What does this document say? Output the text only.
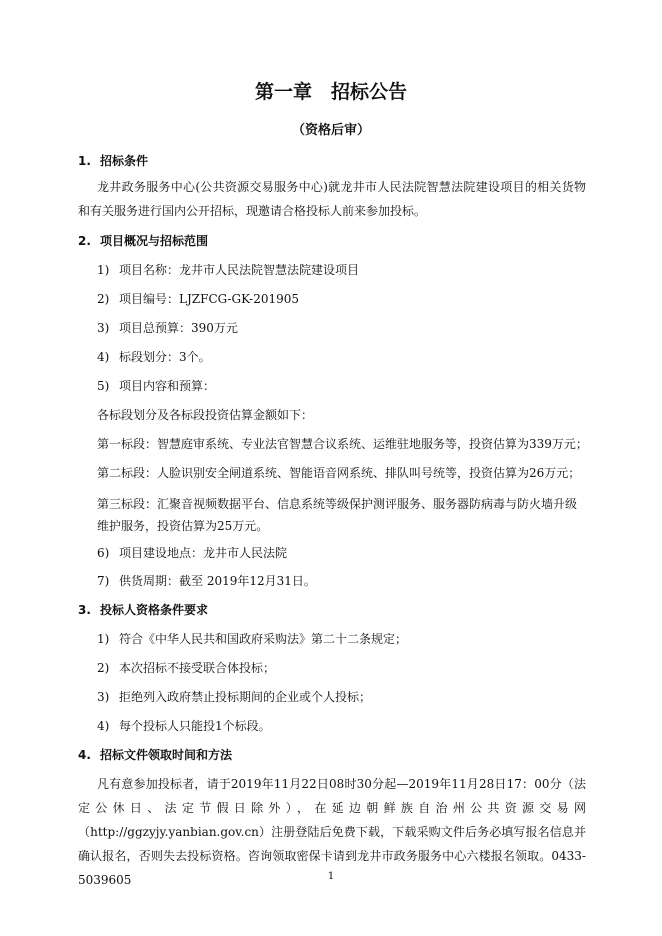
第一章　招标公告
（资格后审）
1. 招标条件
龙井政务服务中心(公共资源交易服务中心)就龙井市人民法院智慧法院建设项目的相关货物和有关服务进行国内公开招标，现邀请合格投标人前来参加投标。
2. 项目概况与招标范围
1) 项目名称：龙井市人民法院智慧法院建设项目
2) 项目编号：LJZFCG-GK-201905
3) 项目总预算：390万元
4) 标段划分：3个。
5) 项目内容和预算：
各标段划分及各标段投资估算金额如下：
第一标段：智慧庭审系统、专业法官智慧合议系统、运维驻地服务等，投资估算为339万元；
第二标段：人脸识别安全闸道系统、智能语音网系统、排队叫号统等，投资估算为26万元；
第三标段：汇聚音视频数据平台、信息系统等级保护测评服务、服务器防病毒与防火墙升级维护服务，投资估算为25万元。
6) 项目建设地点：龙井市人民法院
7) 供货周期：截至 2019年12月31日。
3. 投标人资格条件要求
1) 符合《中华人民共和国政府采购法》第二十二条规定；
2) 本次招标不接受联合体投标；
3) 拒绝列入政府禁止投标期间的企业或个人投标；
4) 每个投标人只能投1个标段。
4. 招标文件领取时间和方法
凡有意参加投标者，请于2019年11月22日08时30分起—2019年11月28日17：00分（法定公休日、法定节假日除外），在延边朝鲜族自治州公共资源交易网（http://ggzyjy.yanbian.gov.cn）注册登陆后免费下载，下载采购文件后务必填写报名信息并确认报名，否则失去投标资格。咨询领取密保卡请到龙井市政务服务中心六楼报名领取。0433-5039605	1
